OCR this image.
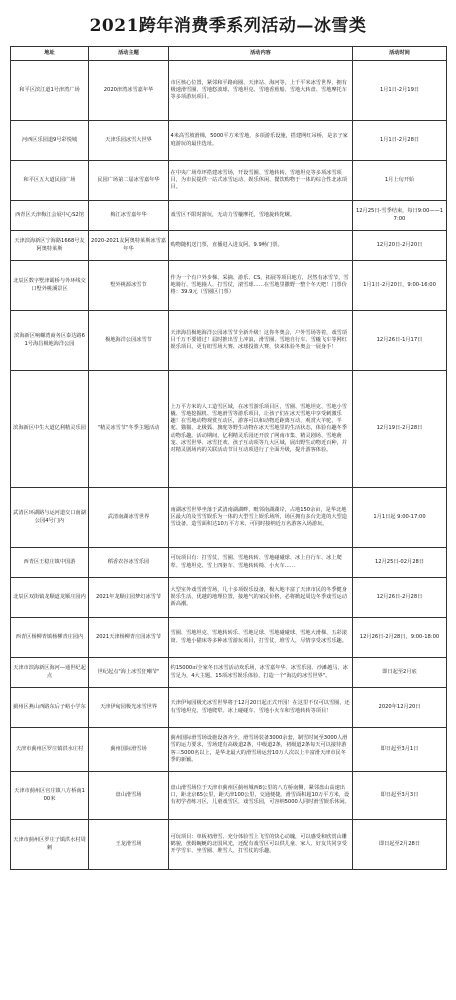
2021跨年消费季系列活动—冰雪类
地址	活动主题	活动内容	活动时间
和平区滨江道1号津湾广场	2020津湾冰雪嘉年华	市区核心位置，紧邻和平路商圈、天津站、海河等，上千平米冰雪世界，拥有极速滑雪圈、雪地悠波球、雪地坦克、雪地香蕉船、雪地大转盘、雪地摩托车等多项游玩项目。	1月1日-2月19日
河西区乐园道9号彩悦城	天津乐园冰雪大世界	4米高雪坡滑梯，5000平方米雪地，多项游乐设施，搭建网红吊桥，是亲子家庭游玩的最佳选址。	1月1日-2月28日
和平区五大道民园广场	民园广场第二届冰雪嘉年华	在中央广场草坪搭建冰雪场，开设雪圈、雪地转转、雪地坦克等多项冰雪项目，为市民提供一站式冰雪运动、娱乐休闲、餐饮购物于一体的综合性北冰项目。	1月上旬开始
西青区天津梅江会展中心S2馆	梅江冰雪嘉年华	戏雪区不限时游玩，无动力雪橇摩托，雪地旋转陀螺。	12月25日-雪季结束，每日9:00——17:00
天津滨海新区宁海路1668号友阿奥特莱斯	2020-2021友阿奥特莱斯冰雪嘉年华	购物随机送门票，直播进入进友阿。9.9畅门票。	12月20日-2月20日
北辰区数字墅津霸桥与外环线交口墅外桃溪景区	墅外桃源冰雪节	作为一个有户外步梯、采摘、游乐、CS、拓展等项目地方，居然有冰雪节，雪地骑行、雪地撞人、打雪仗，滚雪球……在雪地里撒野一整个冬天吧！门票价格：39.9元（雪圈区门票）	1月1日-2月20日，9:00-16:00
滨海新区响螺湾商务区泰达路61号海昌极地海洋公园	极地海洋公园冰雪节	天津海昌极地海洋公园冰雪节全新升级！这你冬奥会，户外雪场等着，戏雪项目千万不要错过！届时推出雪上冲浪、滑雪圈、雪地自行车、雪橇飞车等网红娱乐项目，更有纽雪场大赛、冰球投篮大赛，快来体验冬奥会一展身手！	12月26日-1月17日
滨海新区中生大道亿利精灵乐园	"精灵冰雪节"冬季主题活动	上万平方米的人工造雪区域，在冰雪游乐项目区，雪圈、雪地坦克、雪地小雪橇、雪地挖掘机、雪地滑雪等游乐项目，让孩子们在冰天雪地中享受刺激乐趣！在雪地动物观赏互动区，游客可以和动物近距离互动，观赏大羊驼、羊驼、猫猫、北极狐、旗驼等野生动物在冰天雪地里的生活状态，体验有趣冬季动物乐趣。活动期间，亿利精灵乐园还开放了网南市集、精灵剧场、雪地萌宠、冰雪世界、冰雪狂欢、孩子互动项等九大区域，展出野生动物近百种，并对精灵剧场内的关联活动节目互动项进行了全面升级，提升游客体验。	12月19日-2月28日
武清区环湖路与运河道交口南湖公园4号门内	武清南湖冰雪世界	南湖冰雪世界坐落于武清南湖湖畔，毗邻南湖湖岸，占地150余亩，是华北地区最大的及雪雪娱乐为一体的大型雪上娱乐场所，场区拥有多台先进的大型造雪设备，造雪面积达10万平方米，可同时接纳近万名游客入场游玩。	1月1日起 9:00-17:00
西青区王稳庄镇中国游	稻香农谷冰雪乐园	可玩项目有：打雪仗，雪圈、雪地转转、雪地碰碰球、冰上自行车、冰上爬犁、雪地坦克、雪上四驱车、雪地转转椅、小火车……	12月25日-02月28日
北辰区双街镇龙顺道龙顺庄园内	2021年龙顺庄园梦幻冰雪节	大型室外戏雪滑雪场，几十多项娱乐设备，极大地丰富了天津市民的冬季健身娱乐生活，优越的地理位置，接地气的家民价格，必将掀起周边冬季戏雪运动新高潮。	12月26日-2月28日
西青区杨柳青镇杨柳青庄园内	2021天津杨柳青庄园冰雪节	雪圈、雪地坦克、雪地转转乐、雪地足球、雪地碰碰球、雪地大滑梯、五彩滚筒、雪地小猫床等多种冰雪游玩项目，打雪仗，堆雪人，尽情享受冰雪乐趣。	12月26日-2月28日，9:00-18:00
天津市滨海新区海河—通世纪起点	世纪起点"海上冰雪狂嘲节"	约15000㎡全家冬日冰雪活动欢乐场，冰雪嘉年华、冰雪乐园、沙滩越马、冰雪足为，4大主题，15项冰雪娱乐体验，打造一个"海边的冰雪世界"。	即日起至2月底
蓟州区燕山西路东后子峪小学东	天津伊甸园极光冰雪世界	天津伊甸园极光冰雪世界将于12月20日起正式开园！在这里不仅可以雪圈，还有雪地坦克、雪地爬犁、冰上碰碰车、雪地小火车和雪地转转等项目！	2020年12月20日
天津市蓟州区罗庄镇洪水庄村	蓟州国际滑雪场	蓟州国际滑雪场设施设备齐全，滑雪场装备3000余套，制雪时间至3000人滑雪的运力要求，雪场建有高级道2条，中级道2条，初级道2条每天可以接待游客三5000名以上，是华北最大的滑雪场运营10万人次以上丰富滑天津市民冬季的新颖。	即日起至3月1日
天津市蓟州区官庄镇八方桥南100米	盘山滑雪场	盘山滑雪场位于天津市蓟州区蓟州城西8公里的八方桥南侧，紧邻盘山高速出口，距北京65公里，距天津100公里，交通便捷。滑雪面积超10万平方米，设有初学者练习区，儿童戏雪区，戏雪乐园，可容纳5000人同时滑雪娱乐休闲。	即日起至3月3日
天津市蓟州区罗庄子镇洪水村周刺	王龙滑雪场	可玩项目：单板初滑雪、充分体验雪上飞雪的快心动魄，可以感受和欣赏山雕鹤貌，蔗姆蜿蜒的北国风光，还配有戏雪区可以供儿童、家人、好友共同享受开学雪车、坐雪圈、堆雪人、打雪仗的乐趣。	即日起至2月28日
